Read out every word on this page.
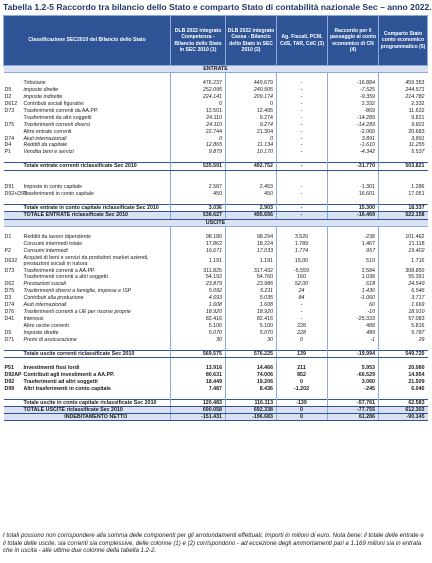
Tabella 1.2-5 Raccordo tra bilancio dello Stato e comparto Stato di contabilità nazionale Sec – anno 2022.
Classificazione SEC2010 del Bilancio dello Stato		DLB 2022 integrato Competenza - Bilancio dello Stato in SEC 2010 (1)	DLB 2022 integrato Cassa - Bilancio dello Stato in SEC 2010 (2)	Ag. Fiscali, PCM, CdS, TAR, CdC (3)	Raccordo per il passaggio al conto economico di CN (4)	Comparto Stato conto economico programmatico (5)
ENTRATE						

	Tributarie	476.237	449.679	-	-16.884	459.353
D5	imposte dirette	252.095	240.505	-	-7.525	244.571
D2	imposte indirette	224.141	209.174	-	-9.359	214.782
D612	Contributi sociali figurativi	0	0	-	2.332	2.332
D73	Trasferimenti correnti da AA.PP.	12.501	12.495	-	-869	11.632
	Trasferimenti da altri soggetti	24.110	9.274	-	-14.289	9.821
D75	Trasferimenti correnti diversi	24.110	9.274	-	-14.289	9.821
	Altre entrate correnti	22.744	21.304	-	-2.060	20.683
D74	Aiuti internazionali	0	0	-	3.891	3.891
D4	Redditi da capitale	12.865	11.134	-	-1.610	11.255
P1	Vendita beni e servizi	9.879	10.170	-	-4.342	5.537

	Totale entrate correnti riclassificate Sec 2010	535.591	492.752	-	-31.770	503.821

D91	Imposte in conto capitale	2.587	2.453	-	-1.301	1.286
D92+D99	Trasferimenti in conto capitale	450	450	-	16.601	17.051

	Totale entrate in conto capitale riclassificate Sec 2010	3.036	2.903	-	15.300	18.337
	TOTALE ENTRATE riclassificate Sec 2010	538.627	495.656	-	-16.469	522.158
USCITE						

D1	Redditi da lavoro dipendente	98.180	98.294	3.520	-238	101.462
	Consumi intermedi totale	17.862	18.224	1.789	1.467	21.118
P2	Consumi intermedi	16.671	17.033	1.774	957	19.402
D632	Acquisti di beni e servizi da produttori market aziendi, prestazioni sociali in natura	1.191	1.191	15,00	510	1.716
D73	Trasferimenti correnti a AA.PP.	311.825	317.432	-5.559	2.584	308.850
	Trasferimenti correnti a altri soggetti	54.192	54.760	160	1.038	55.391
D62	Prestazioni sociali	23.879	23.986	52,00	618	24.549
D75	Trasferimenti diversi a famiglie, imprese e ISP	5.092	5.211	24	1.430	6.546
D3	Contributi alla produzione	4.693	5.035	84	-1.060	3.717
D74	Aiuti internazionali	1.608	1.608	-	60	1.669
D76	Trasferimenti correnti a UE per risorse proprie	18.920	18.920	-	-10	18.910
D41	Interessi	82.416	82.416	-	-25.333	57.083
	Altre uscite correnti	5.100	5.100	228	488	5.816
D5	Imposte dirette	5.070	5.070	228	489	5.787
D71	Premi di assicurazione	30	30	0	-1	29

	Totale uscite correnti riclassificate Sec 2010	569.575	576.225	139	-19.994	549.720

P51	Investimenti fissi lordi	13.916	14.466	211	5.953	20.080
D92AP	Contributi agli investimenti a AA.PP.	80.631	74.006	852	-66.529	14.954
D92	Trasferimenti ad altri soggetti	18.449	19.206	0	3.060	21.509
D99	Altri trasferimenti in conto capitale	7.487	8.436	-1.202	-245	6.040

	Totale uscite in conto capitale riclassificate Sec 2010	120.483	116.113	-139	-57.761	62.583
	TOTALE USCITE riclassificate Sec 2010	690.058	692.338	0	-77.755	612.303
	INDEBITAMENTO NETTO	-151.431	-196.683	0	61.286	-90.145
I totali possono non corrispondere alla somma delle componenti per gli arrotondamenti effettuati. Importi in milioni di euro. Nota bene: il totale delle entrate e il totale delle uscite, sia correnti sia complessive, delle colonne (1) e (2) corrispondono - ad eccezione degli ammortamenti pari a 1.169 milioni sia in entrata che in uscita - alle ultime due colonne della tabella 1.2-2.
